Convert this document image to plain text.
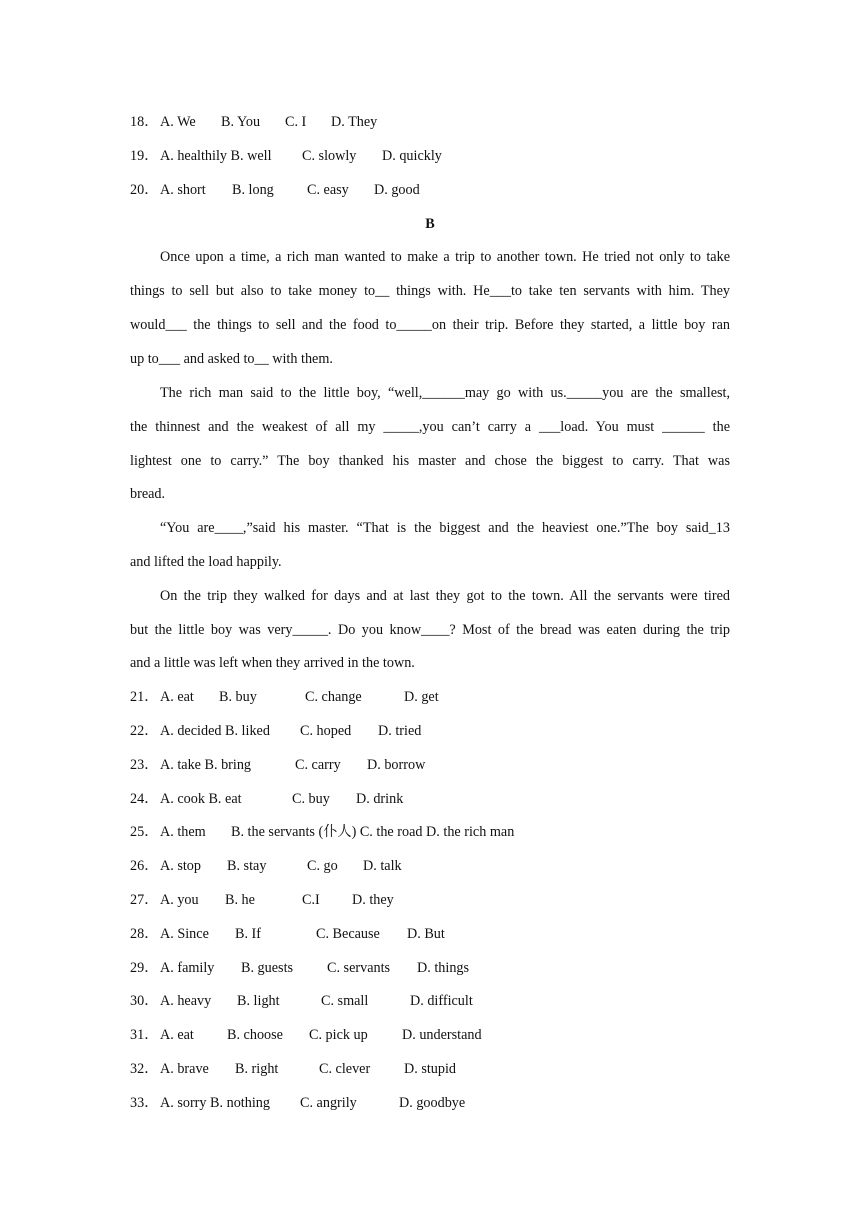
18． A. We B. You C. I D. They
19． A. healthily B. well C. slowly D. quickly
20． A. short B. long C. easy D. good
B
Once upon a time, a rich man wanted to make a trip to another town. He tried not only to take
things to sell but also to take money to__ things with. He___to take ten servants with him. They
would___ the things to sell and the food to_____on their trip. Before they started, a little boy ran
up to___ and asked to__ with them.
The rich man said to the little boy, “well,______may go with us._____you are the smallest,
the thinnest and the weakest of all my _____,you can’t carry a ___load. You must ______ the
lightest one to carry.” The boy thanked his master and chose the biggest to carry. That was
bread.
“You are____,”said his master. “That is the biggest and the heaviest one.”The boy said_13
and lifted the load happily.
On the trip they walked for days and at last they got to the town. All the servants were tired
but the little boy was very_____. Do you know____? Most of the bread was eaten during the trip
and a little was left when they arrived in the town.
21． A. eat B. buy	C. change	D. get
22． A. decided B. liked C. hoped D. tried
23． A. take B. bring	C. carry D. borrow
24． A. cook B. eat	C. buy D. drink
25． A. them B. the servants (仆人) C. the road D. the rich man
26． A. stop B. stay	C. go D. talk
27． A. you B. he	C.I D. they
28． A. Since B. If	C. Because D. But
29． A. family B. guests C. servants D. things
30． A. heavy B. light	C. small	D. difficult
31． A. eat B. choose C. pick up D. understand
32． A. brave B. right	C. clever D. stupid
33． A. sorry B. nothing C. angrily	D. goodbye
